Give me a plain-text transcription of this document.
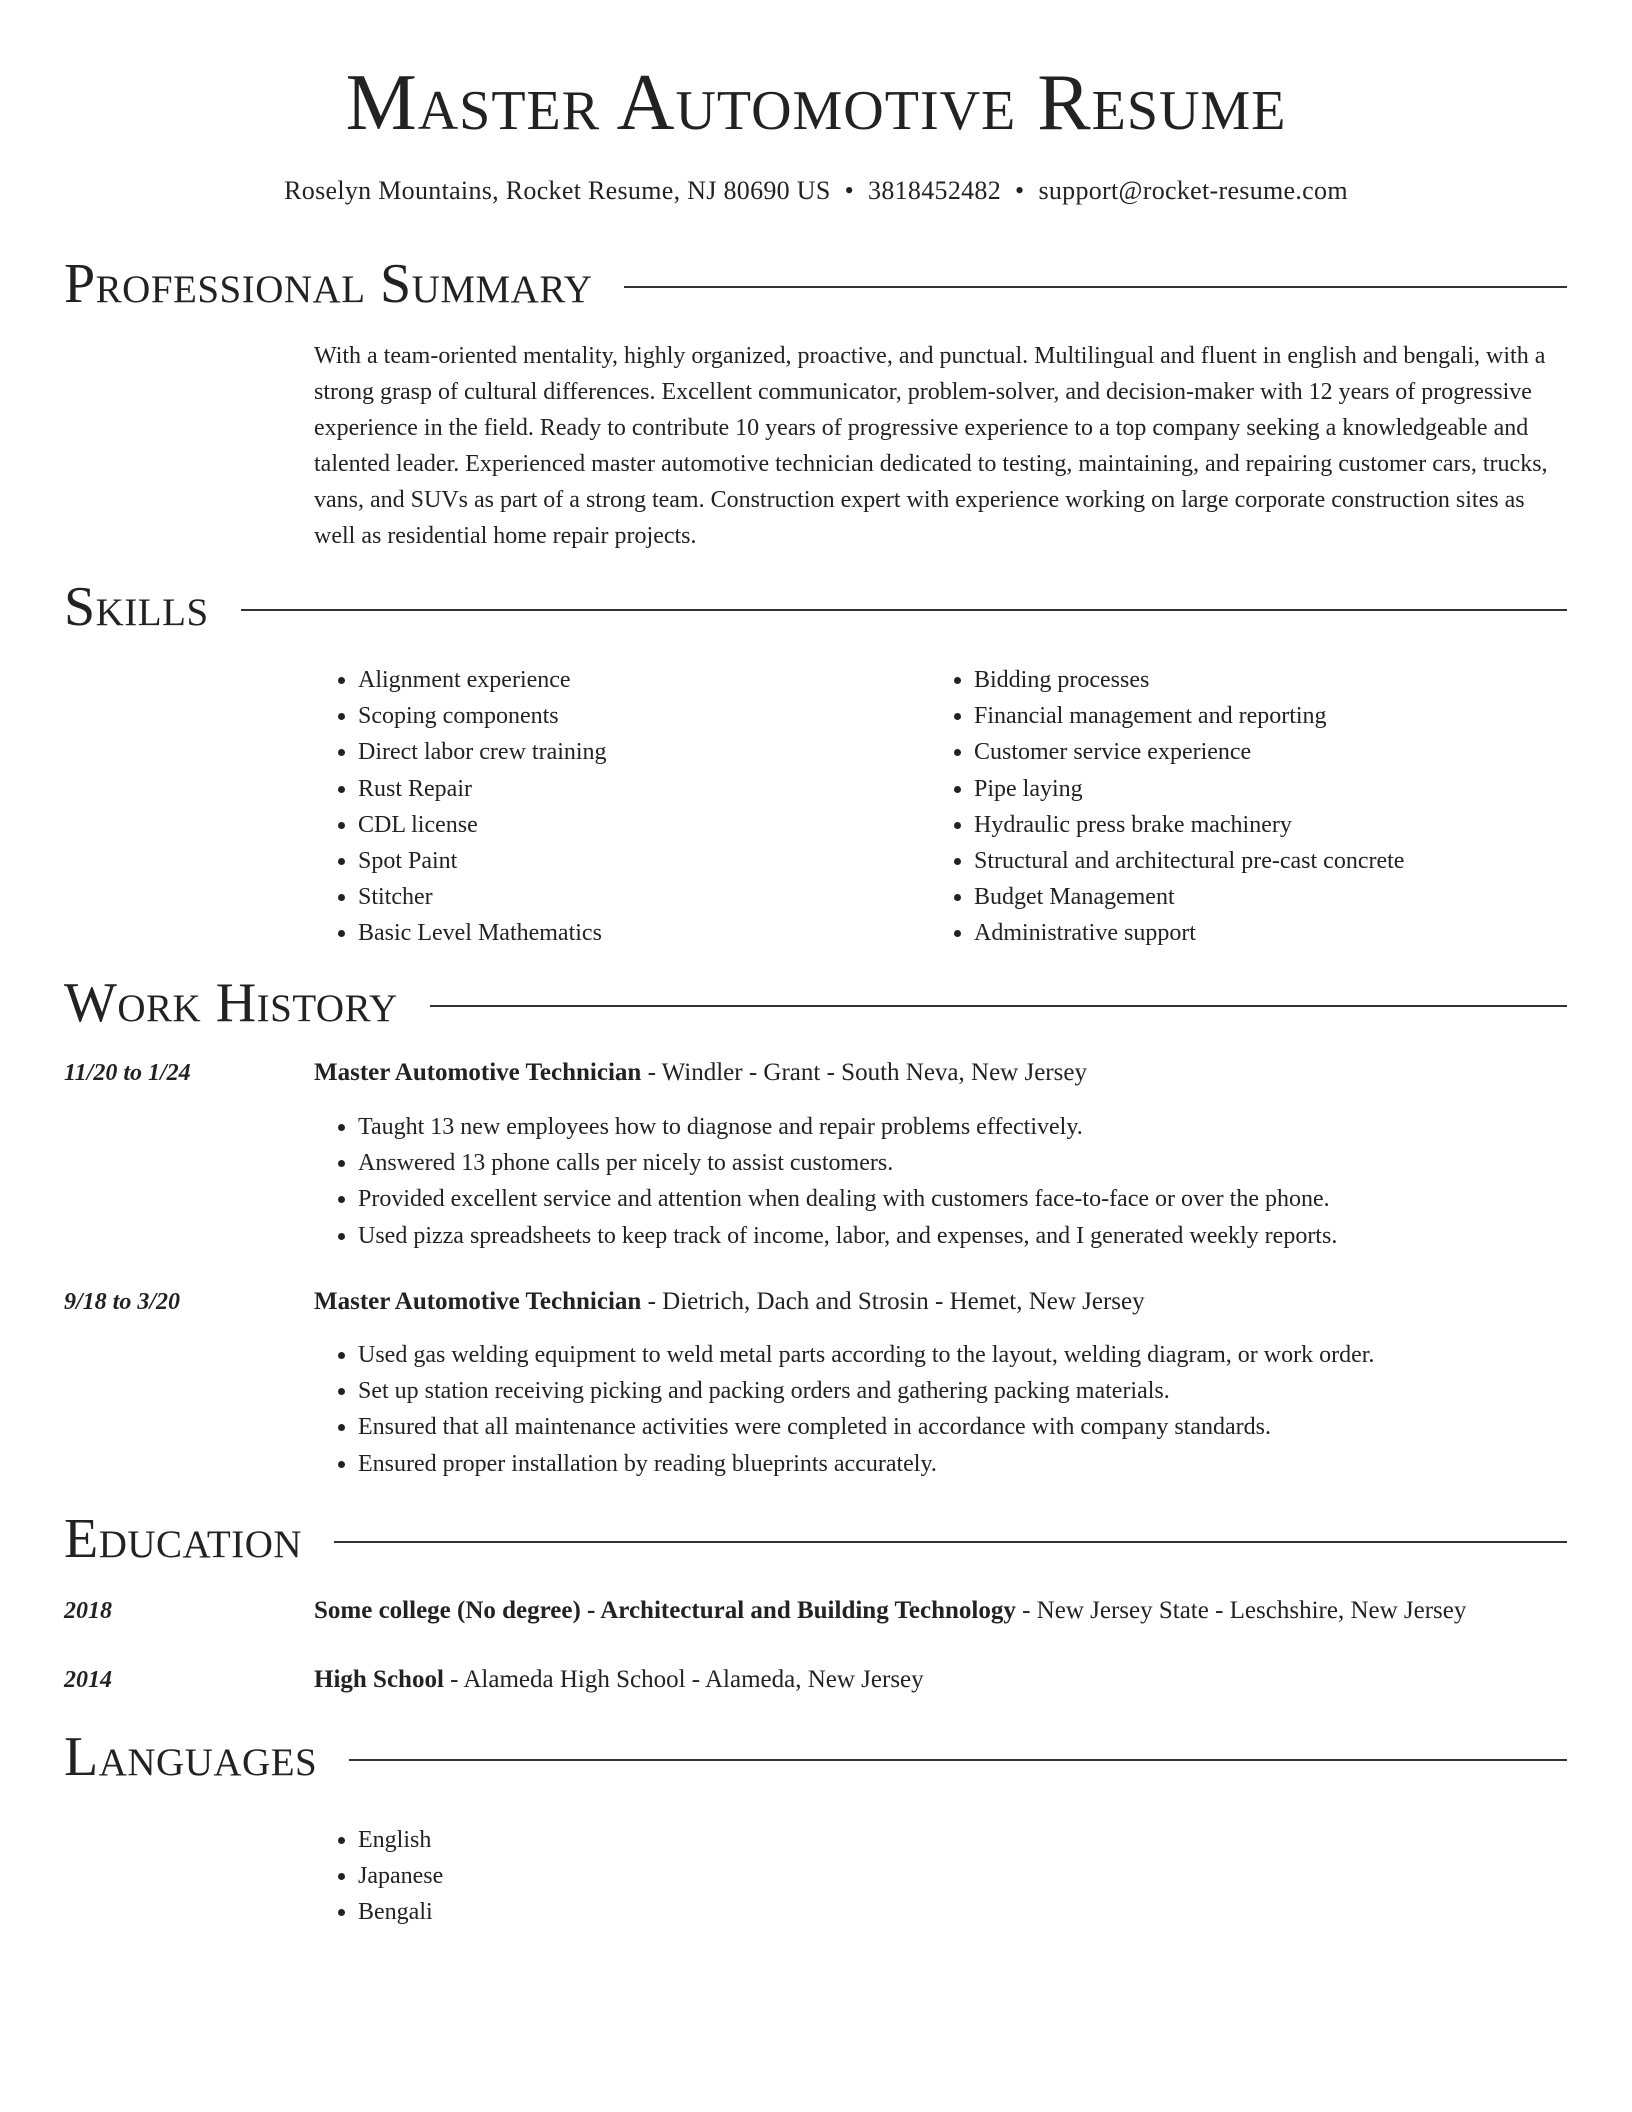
Master Automotive Resume
Roselyn Mountains, Rocket Resume, NJ 80690 US • 3818452482 • support@rocket-resume.com
Professional Summary

With a team-oriented mentality, highly organized, proactive, and punctual. Multilingual and fluent in english and bengali, with a strong grasp of cultural differences. Excellent communicator, problem-solver, and decision-maker with 12 years of progressive experience in the field. Ready to contribute 10 years of progressive experience to a top company seeking a knowledgeable and talented leader. Experienced master automotive technician dedicated to testing, maintaining, and repairing customer cars, trucks, vans, and SUVs as part of a strong team. Construction expert with experience working on large corporate construction sites as well as residential home repair projects.

Skills
• Alignment experience
• Scoping components
• Direct labor crew training
• Rust Repair
• CDL license
• Spot Paint
• Stitcher
• Basic Level Mathematics
• Bidding processes
• Financial management and reporting
• Customer service experience
• Pipe laying
• Hydraulic press brake machinery
• Structural and architectural pre-cast concrete
• Budget Management
• Administrative support
Work History
11/20 to 1/24	Master Automotive Technician - Windler - Grant - South Neva, New Jersey
• Taught 13 new employees how to diagnose and repair problems effectively.
• Answered 13 phone calls per nicely to assist customers.
• Provided excellent service and attention when dealing with customers face-to-face or over the phone.
• Used pizza spreadsheets to keep track of income, labor, and expenses, and I generated weekly reports.
9/18 to 3/20	Master Automotive Technician - Dietrich, Dach and Strosin - Hemet, New Jersey
• Used gas welding equipment to weld metal parts according to the layout, welding diagram, or work order.
• Set up station receiving picking and packing orders and gathering packing materials.
• Ensured that all maintenance activities were completed in accordance with company standards.
• Ensured proper installation by reading blueprints accurately.
Education
2018	Some college (No degree) - Architectural and Building Technology - New Jersey State - Leschshire, New Jersey
2014	High School - Alameda High School - Alameda, New Jersey
Languages
• English
• Japanese
• Bengali
